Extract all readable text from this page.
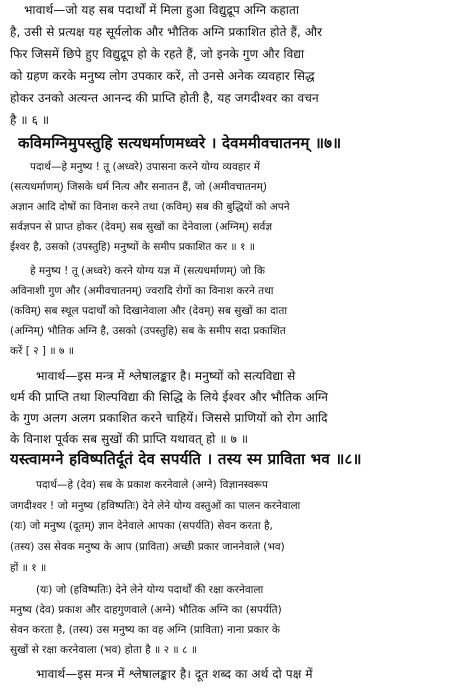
भावार्थ—जो यह सब पदार्थों में मिला हुआ विद्युद्रूप अग्नि कहाता
है, उसी से प्रत्यक्ष यह सूर्यलोक और भौतिक अग्नि प्रकाशित होते हैं, और
फिर जिसमें छिपे हुए विद्युद्रूप हो के रहते हैं, जो इनके गुण और विद्या
को ग्रहण करके मनुष्य लोग उपकार करें, तो उनसे अनेक व्यवहार सिद्ध
होकर उनको अत्यन्त आनन्द की प्राप्ति होती है, यह जगदीश्वर का वचन
है ॥ ६ ॥
कविमग्निमुपस्तुहि सत्यधर्माणमध्वरे । देवममीवचातनम् ॥७॥
पदार्थ—हे मनुष्य ! तू (अध्वरे) उपासना करने योग्य व्यवहार में
(सत्यधर्माणम्) जिसके धर्म नित्य और सनातन हैं, जो (अमीवचातनम्)
अज्ञान आदि दोषों का विनाश करने तथा (कविम्) सब की बुद्धियों को अपने
सर्वज्ञपन से प्राप्त होकर (देवम्) सब सुखों का देनेवाला (अग्निम्) सर्वज्ञ
ईश्वर है, उसको (उपस्तुहि) मनुष्यों के समीप प्रकाशित कर ॥ १ ॥
हे मनुष्य ! तू (अध्वरे) करने योग्य यज्ञ में (सत्यधर्माणम्) जो कि
अविनाशी गुण और (अमीवचातनम्) ज्वरादि रोगों का विनाश करने तथा
(कविम्) सब स्थूल पदार्थों को दिखानेवाला और (देवम्) सब सुखों का दाता
(अग्निम्) भौतिक अग्नि है, उसको (उपस्तुहि) सब के समीप सदा प्रकाशित
करें [ २ ] ॥ ७ ॥
भावार्थ—इस मन्त्र में श्लेषालङ्कार है। मनुष्यों को सत्यविद्या से
धर्म की प्राप्ति तथा शिल्पविद्या की सिद्धि के लिये ईश्वर और भौतिक अग्नि
के गुण अलग अलग प्रकाशित करने चाहियें। जिससे प्राणियों को रोग आदि
के विनाश पूर्वक सब सुखों की प्राप्ति यथावत् हो ॥ ७ ॥
यस्त्वामग्ने हविष्पतिर्दूतं देव सपर्यति । तस्य स्म प्राविता भव ॥८॥
पदार्थ—हे (देव) सब के प्रकाश करनेवाले (अग्ने) विज्ञानस्वरूप
जगदीश्वर ! जो मनुष्य (हविष्पतिः) देने लेने योग्य वस्तुओं का पालन करनेवाला
(यः) जो मनुष्य (दूतम्) ज्ञान देनेवाले आपका (सपर्यति) सेवन करता है,
(तस्य) उस सेवक मनुष्य के आप (प्राविता) अच्छी प्रकार जाननेवाले (भव)
हों ॥ १ ॥
(यः) जो (हविष्पतिः) देने लेने योग्य पदार्थों की रक्षा करनेवाला
मनुष्य (देव) प्रकाश और दाहगुणवाले (अग्ने) भौतिक अग्नि का (सपर्यति)
सेवन करता है, (तस्य) उस मनुष्य का वह अग्नि (प्राविता) नाना प्रकार के
सुखों से रक्षा करनेवाला (भव) होता है ॥ २ ॥ ८ ॥
भावार्थ—इस मन्त्र में श्लेषालङ्कार है। दूत शब्द का अर्थ दो पक्ष में
